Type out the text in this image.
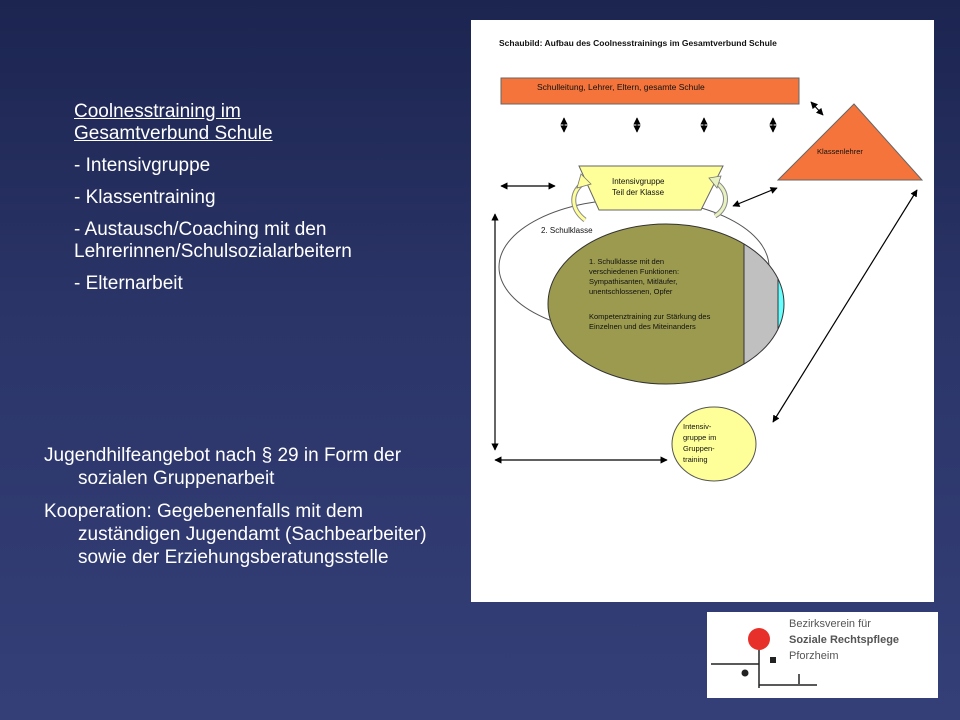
Coolnesstraining im
Gesamtverbund Schule

- Intensivgruppe

- Klassentraining

- Austausch/Coaching mit den Lehrerinnen/Schulsozialarbeitern

- Elternarbeit

Jugendhilfeangebot nach § 29 in Form der sozialen Gruppenarbeit

Kooperation: Gegebenenfalls mit dem zuständigen Jugendamt (Sachbearbeiter) sowie der Erziehungsberatungsstelle

Schaubild: Aufbau des Coolnesstrainings im Gesamtverbund Schule
Schulleitung, Lehrer, Eltern, gesamte Schule
Klassenlehrer
2. Schulklasse
Intensivgruppe
Teil der Klasse
1. Schulklasse mit den
verschiedenen Funktionen:
Sympathisanten, Mitläufer,
unentschlossenen, Opfer
Kompetenztraining zur Stärkung des
Einzelnen und des Miteinanders
Intensiv-
gruppe im
Gruppen-
training
Bezirksverein für
Soziale Rechtspflege
Pforzheim
